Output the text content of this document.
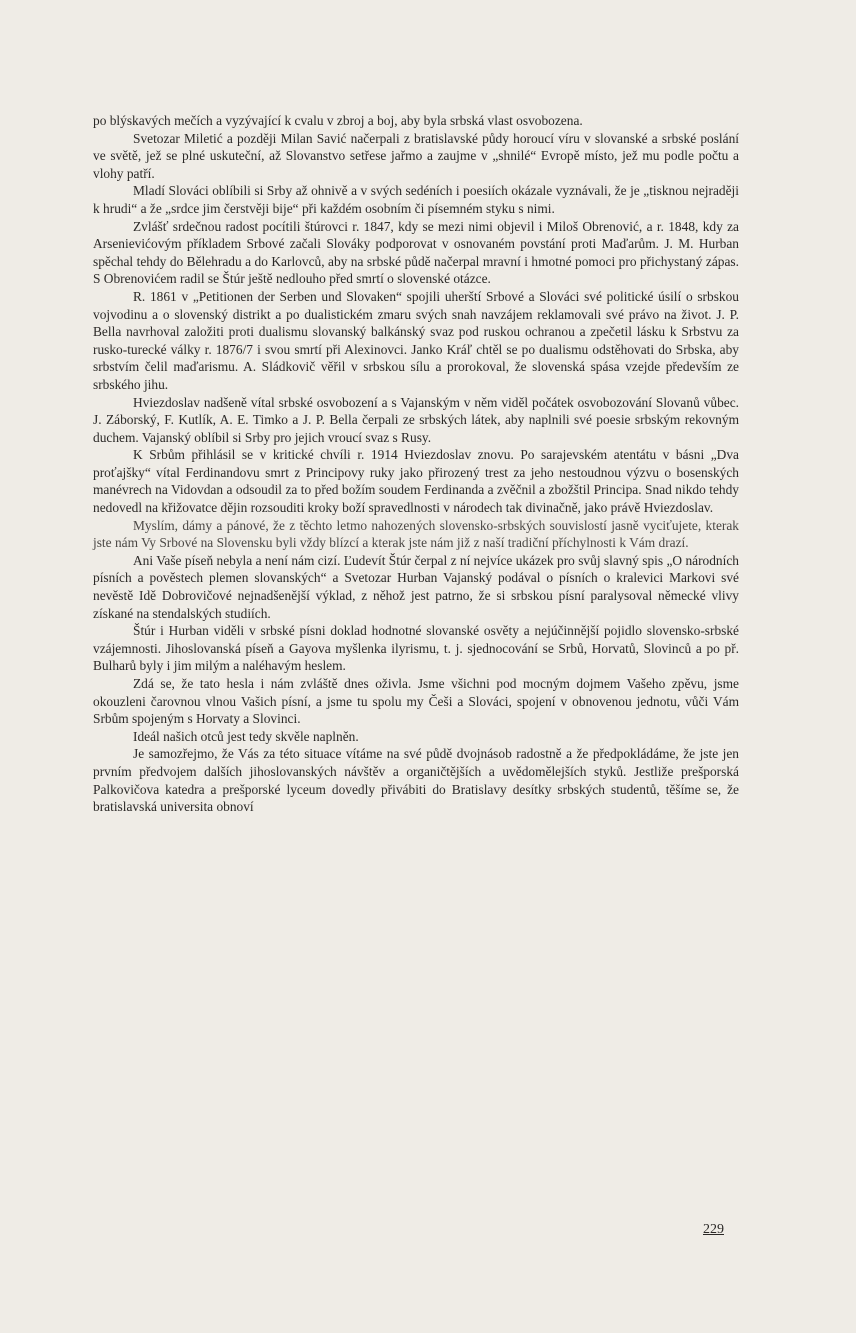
po blýskavých mečích a vyzývající k cvalu v zbroj a boj, aby byla srbská vlast osvobozena.

Svetozar Miletić a později Milan Savić načerpali z bratislavské půdy horoucí víru v slovanské a srbské poslání ve světě, jež se plné uskuteční, až Slovanstvo setřese jařmo a zaujme v „shnilé“ Evropě místo, jež mu podle počtu a vlohy patří.

Mladí Slováci oblíbili si Srby až ohnivě a v svých sedéních i poesiích okázale vyznávali, že je „tisknou nejraději k hrudi“ a že „srdce jim čerstvěji bije“ při každém osobním či písemném styku s nimi.

Zvlášť srdečnou radost pocítili štúrovci r. 1847, kdy se mezi nimi objevil i Miloš Obrenović, a r. 1848, kdy za Arsenievićovým příkladem Srbové začali Slováky podporovat v osnovaném povstání proti Maďarům. J. M. Hurban spěchal tehdy do Bělehradu a do Karlovců, aby na srbské půdě načerpal mravní i hmotné pomoci pro přichystaný zápas. S Obrenovićem radil se Štúr ještě nedlouho před smrtí o slovenské otázce.

R. 1861 v „Petitionen der Serben und Slovaken“ spojili uherští Srbové a Slováci své politické úsilí o srbskou vojvodinu a o slovenský distrikt a po dualistickém zmaru svých snah navzájem reklamovali své právo na život. J. P. Bella navrhoval založiti proti dualismu slovanský balkánský svaz pod ruskou ochranou a zpečetil lásku k Srbstvu za rusko-turecké války r. 1876/7 i svou smrtí při Alexinovci. Janko Kráľ chtěl se po dualismu odstěhovati do Srbska, aby srbstvím čelil maďarismu. A. Sládkovič věřil v srbskou sílu a prorokoval, že slovenská spása vzejde především ze srbského jihu.

Hviezdoslav nadšeně vítal srbské osvobození a s Vajanským v něm viděl počátek osvobozování Slovanů vůbec. J. Záborský, F. Kutlík, A. E. Timko a J. P. Bella čerpali ze srbských látek, aby naplnili své poesie srbským rekovným duchem. Vajanský oblíbil si Srby pro jejich vroucí svaz s Rusy.

K Srbům přihlásil se v kritické chvíli r. 1914 Hviezdoslav znovu. Po sarajevském atentátu v básni „Dva proťajšky“ vítal Ferdinandovu smrt z Principovy ruky jako přirozený trest za jeho nestoudnou výzvu o bosenských manévrech na Vidovdan a odsoudil za to před božím soudem Ferdinanda a zvěčnil a zbožštil Principa. Snad nikdo tehdy nedovedl na křižovatce dějin rozsouditi kroky boží spravedlnosti v národech tak divinačně, jako právě Hviezdoslav.

Myslím, dámy a pánové, že z těchto letmo nahozených slovensko-srbských souvislostí jasně vyciťujete, kterak jste nám Vy Srbové na Slovensku byli vždy blízcí a kterak jste nám již z naší tradiční příchylnosti k Vám drazí.

Ani Vaše píseň nebyla a není nám cizí. Ľudevít Štúr čerpal z ní nejvíce ukázek pro svůj slavný spis „O národních písních a pověstech plemen slovanských“ a Svetozar Hurban Vajanský podával o písních o kralevici Markovi své nevěstě Idě Dobrovičové nejnadšenější výklad, z něhož jest patrno, že si srbskou písní paralysoval německé vlivy získané na stendalských studiích.

Štúr i Hurban viděli v srbské písni doklad hodnotné slovanské osvěty a nejúčinnější pojidlo slovensko-srbské vzájemnosti. Jihoslovanská píseň a Gayova myšlenka ilyrismu, t. j. sjednocování se Srbů, Horvatů, Slovinců a po př. Bulharů byly i jim milým a naléhavým heslem.

Zdá se, že tato hesla i nám zvláště dnes oživla. Jsme všichni pod mocným dojmem Vašeho zpěvu, jsme okouzleni čarovnou vlnou Vašich písní, a jsme tu spolu my Češi a Slováci, spojení v obnovenou jednotu, vůči Vám Srbům spojeným s Horvaty a Slovinci.

Ideál našich otců jest tedy skvěle naplněn.

Je samozřejmo, že Vás za této situace vítáme na své půdě dvojnásob radostně a že předpokládáme, že jste jen prvním předvojem dalších jihoslovanských návštěv a organičtějších a uvědomělejších styků. Jestliže prešporská Palkovičova katedra a prešporské lyceum dovedly přivábiti do Bratislavy desítky srbských studentů, těšíme se, že bratislavská universita obnoví

229
